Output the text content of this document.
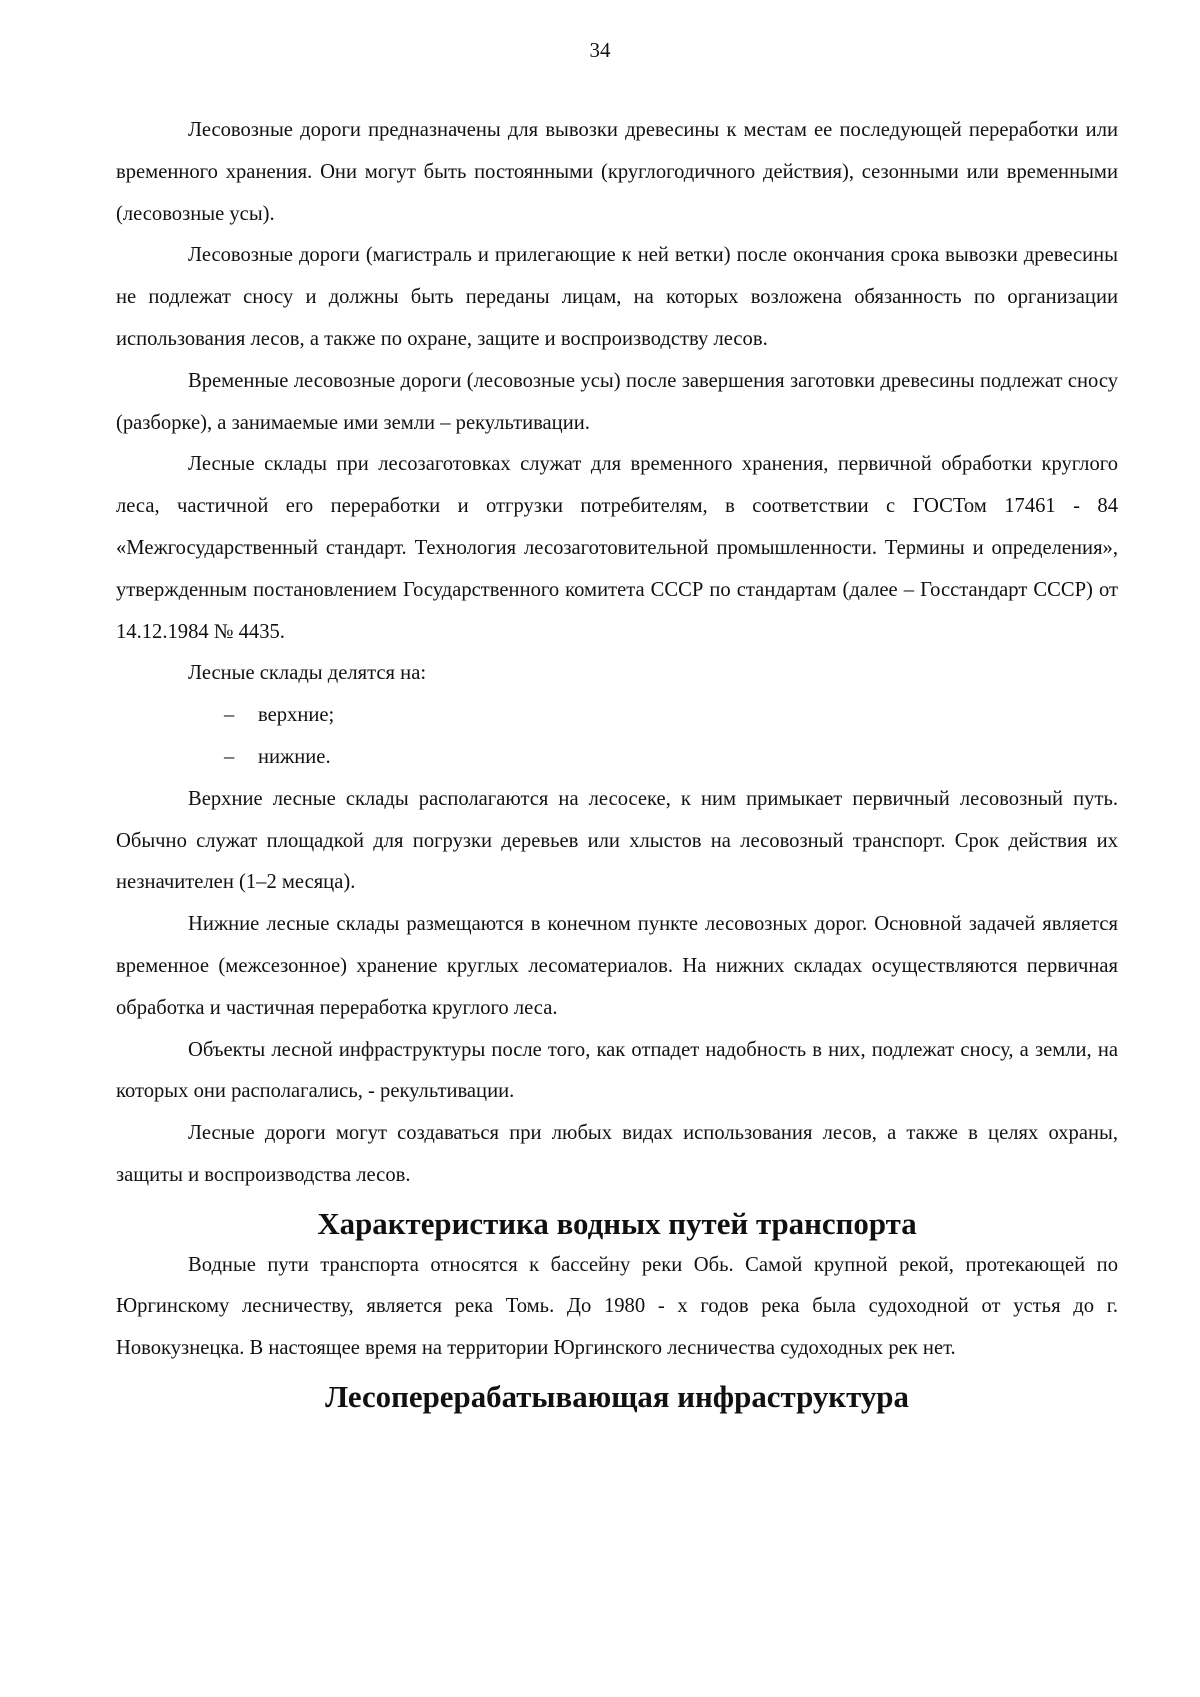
34

Лесовозные дороги предназначены для вывозки древесины к местам ее последующей переработки или временного хранения. Они могут быть постоянными (круглогодичного действия), сезонными или временными (лесовозные усы).

Лесовозные дороги (магистраль и прилегающие к ней ветки) после окончания срока вывозки древесины не подлежат сносу и должны быть переданы лицам, на которых возложена обязанность по организации использования лесов, а также по охране, защите и воспроизводству лесов.

Временные лесовозные дороги (лесовозные усы) после завершения заготовки древесины подлежат сносу (разборке), а занимаемые ими земли – рекультивации.

Лесные склады при лесозаготовках служат для временного хранения, первичной обработки круглого леса, частичной его переработки и отгрузки потребителям, в соответствии с ГОСТом 17461 - 84 «Межгосударственный стандарт. Технология лесозаготовительной промышленности. Термины и определения», утвержденным постановлением Государственного комитета СССР по стандартам (далее – Госстандарт СССР) от 14.12.1984 № 4435.

Лесные склады делятся на:

– верхние;
– нижние.

Верхние лесные склады располагаются на лесосеке, к ним примыкает первичный лесовозный путь. Обычно служат площадкой для погрузки деревьев или хлыстов на лесовозный транспорт. Срок действия их незначителен (1–2 месяца).

Нижние лесные склады размещаются в конечном пункте лесовозных дорог. Основной задачей является временное (межсезонное) хранение круглых лесоматериалов. На нижних складах осуществляются первичная обработка и частичная переработка круглого леса.

Объекты лесной инфраструктуры после того, как отпадет надобность в них, подлежат сносу, а земли, на которых они располагались, - рекультивации.

Лесные дороги могут создаваться при любых видах использования лесов, а также в целях охраны, защиты и воспроизводства лесов.

Характеристика водных путей транспорта

Водные пути транспорта относятся к бассейну реки Обь. Самой крупной рекой, протекающей по Юргинскому лесничеству, является река Томь. До 1980 - х годов река была судоходной от устья до г. Новокузнецка. В настоящее время на территории Юргинского лесничества судоходных рек нет.

Лесоперерабатывающая инфраструктура
